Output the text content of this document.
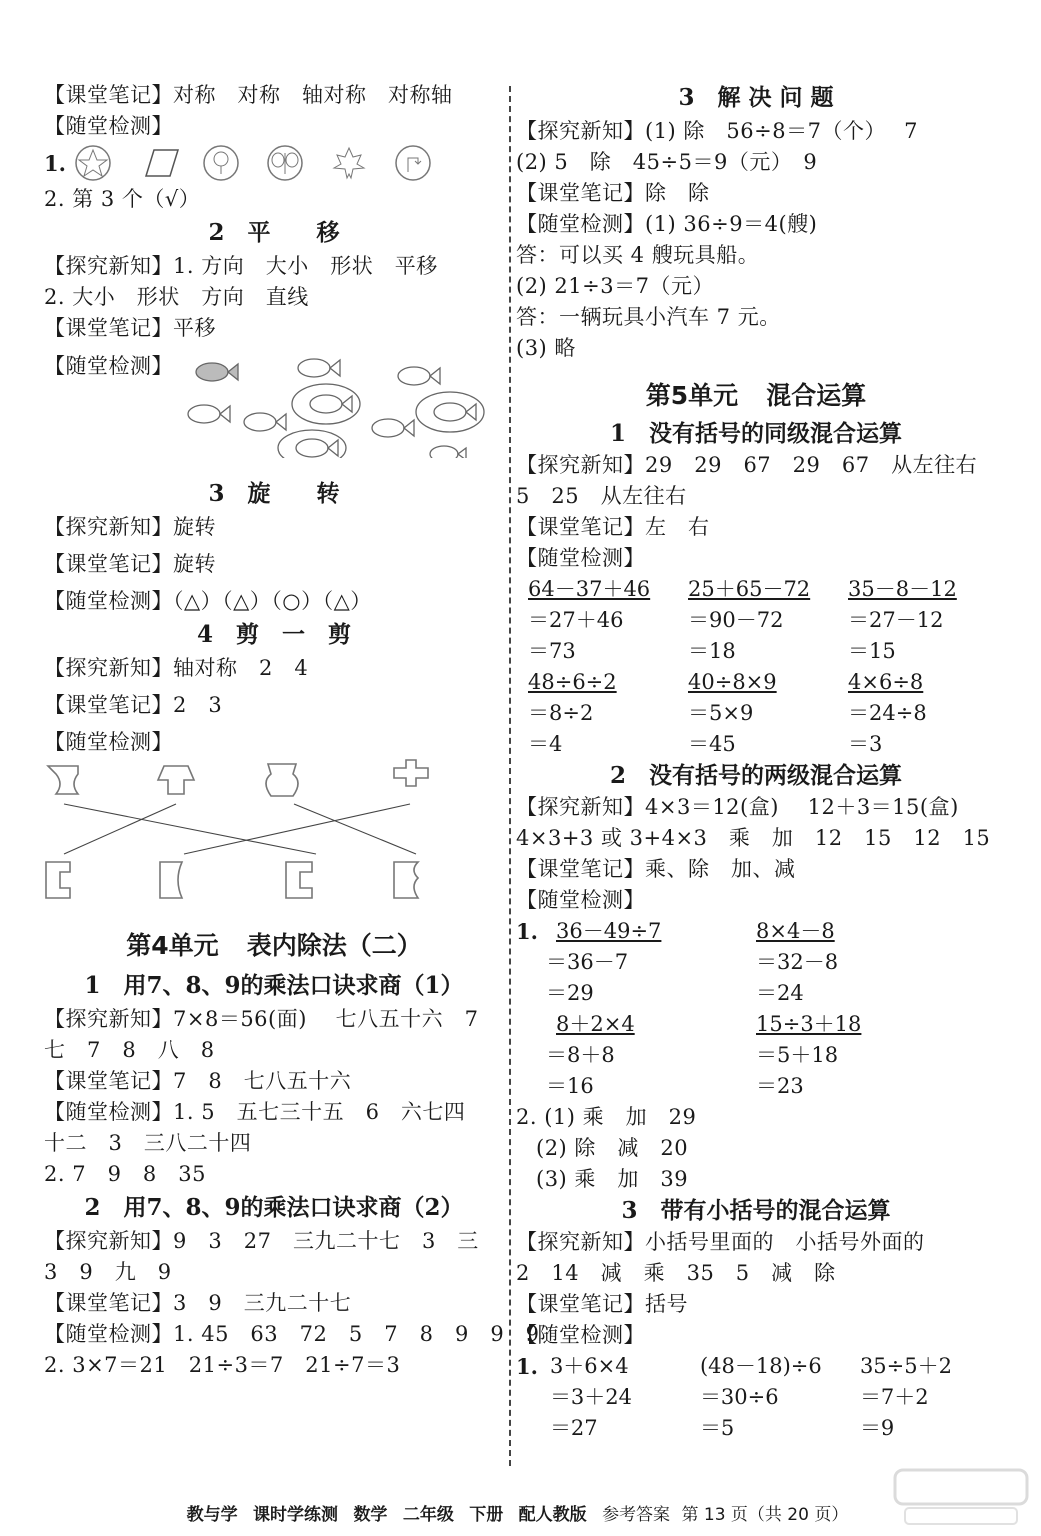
【课堂笔记】对称　对称　轴对称　对称轴
【随堂检测】
1.
2. 第 3 个（√）
2　平　　移
【探究新知】1. 方向　大小　形状　平移
2. 大小　形状　方向　直线
【课堂笔记】平移
【随堂检测】
3　旋　　转
【探究新知】旋转
【课堂笔记】旋转
【随堂检测】（△）（△）（○）（△）
4　剪　一　剪
【探究新知】轴对称　2　4
【课堂笔记】2　3
【随堂检测】
第4单元 表内除法（二）
1　用7、8、9的乘法口诀求商（1）
【探究新知】7×8＝56(面)　 七八五十六　7
七　7　8　八　8
【课堂笔记】7　8　七八五十六
【随堂检测】1. 5　五七三十五　6　六七四
十二　3　三八二十四
2. 7　9　8　35
2　用7、8、9的乘法口诀求商（2）
【探究新知】9　3　27　三九二十七　3　三
3　9　九　9
【课堂笔记】3　9　三九二十七
【随堂检测】1. 45　63　72　5　7　8　9　9　9
2. 3×7＝21　21÷3＝7　21÷7＝3
3　解 决 问 题
【探究新知】(1) 除　56÷8＝7（个）　 7
(2) 5　除　45÷5＝9（元）　9
【课堂笔记】除　除
【随堂检测】(1) 36÷9＝4(艘)
答：可以买 4 艘玩具船。
(2) 21÷3＝7（元）
答：一辆玩具小汽车 7 元。
(3) 略
第5单元 混合运算
1　没有括号的同级混合运算
【探究新知】29　29　67　29　67　从左往右
5　25　从左往右
【课堂笔记】左　右
【随堂检测】
64－37＋46	25＋65－72	35－8－12
＝27＋46	＝90－72	＝27－12
＝73	＝18	＝15
48÷6÷2	40÷8×9	4×6÷8
＝8÷2	＝5×9	＝24÷8
＝4	＝45	＝3
2　没有括号的两级混合运算
【探究新知】4×3＝12(盒)　 12＋3＝15(盒)
4×3+3 或 3+4×3　乘　加　12　15　12　15
【课堂笔记】乘、除　加、减
【随堂检测】
1. 36－49÷7	8×4－8
＝36－7	＝32－8
＝29	＝24
8＋2×4	15÷3＋18
＝8＋8	＝5＋18
＝16	＝23
2. (1) 乘　加　29
(2) 除　减　20
(3) 乘　加　39
3　带有小括号的混合运算
【探究新知】小括号里面的　小括号外面的
2　14　减　乘　35　5　减　除
【课堂笔记】括号
【随堂检测】
1. 3＋6×4	(48－18)÷6	35÷5＋2
＝3＋24	＝30÷6	＝7＋2
＝27	＝5	＝9
教与学 课时学练测 数学 二年级 下册 配人教版 参考答案 第 13 页（共 20 页）
